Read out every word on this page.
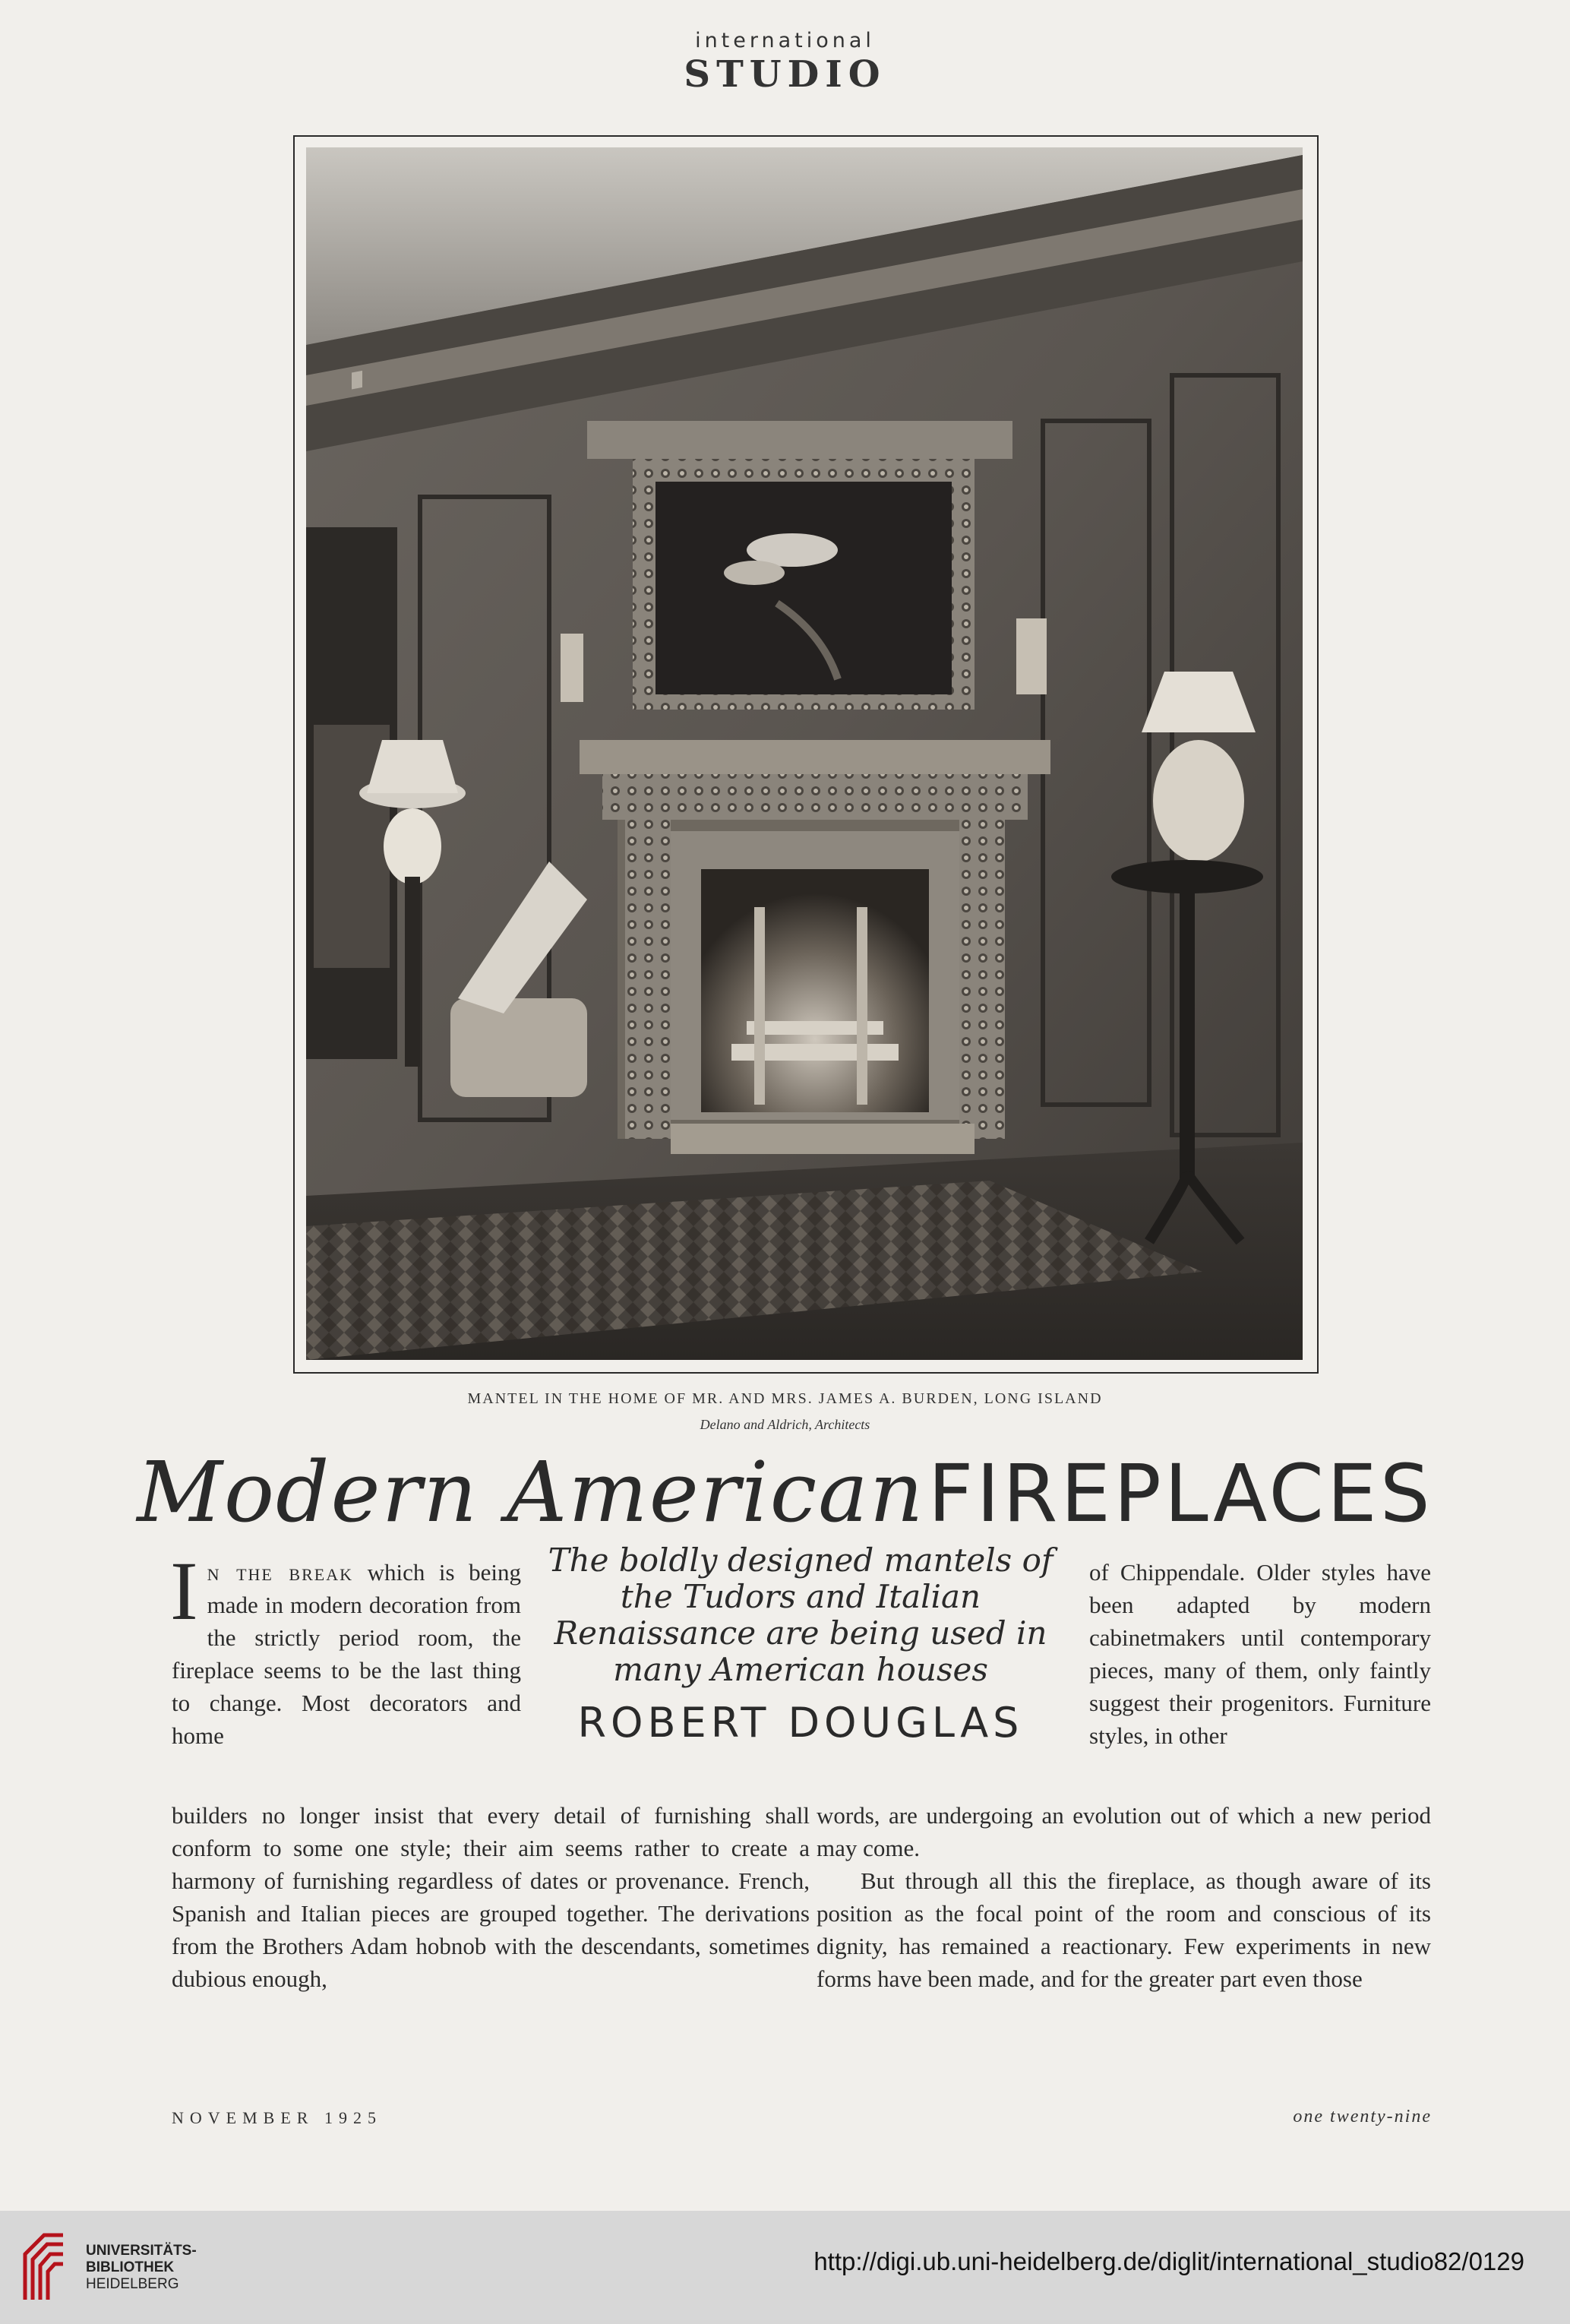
international
STUDIO
MANTEL IN THE HOME OF MR. AND MRS. JAMES A. BURDEN, LONG ISLAND
Delano and Aldrich, Architects
Modern American FIREPLACES

In the break which is being made in modern decoration from the strictly period room, the fireplace seems to be the last thing to change. Most decorators and home

builders no longer insist that every detail of furnishing shall conform to some one style; their aim seems rather to create a harmony of furnishing regardless of dates or provenance. French, Spanish and Italian pieces are grouped together. The derivations from the Brothers Adam hobnob with the descendants, sometimes dubious enough,

The boldly designed mantels of the Tudors and Italian Renaissance are being used in many American houses
ROBERT DOUGLAS

of Chippendale. Older styles have been adapted by modern cabinetmakers until contemporary pieces, many of them, only faintly suggest their progenitors. Furniture styles, in other

words, are undergoing an evolution out of which a new period may come.

But through all this the fireplace, as though aware of its position as the focal point of the room and conscious of its dignity, has remained a reactionary. Few experiments in new forms have been made, and for the greater part even those

NOVEMBER 1925	one twenty-nine
UNIVERSITÄTS-
BIBLIOTHEK
HEIDELBERG
http://digi.ub.uni-heidelberg.de/diglit/international_studio82/0129
